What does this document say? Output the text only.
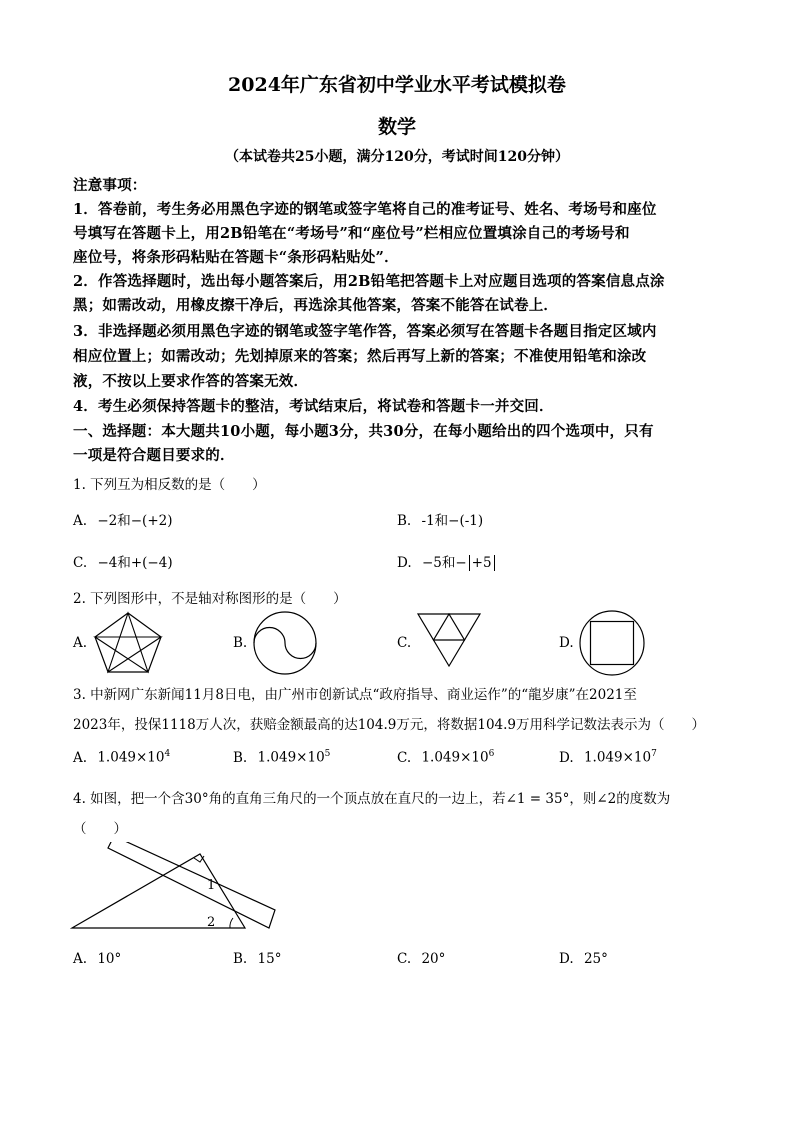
2024年广东省初中学业水平考试模拟卷
数学
（本试卷共25小题，满分120分，考试时间120分钟）
注意事项：
1．答卷前，考生务必用黑色字迹的钢笔或签字笔将自己的准考证号、姓名、考场号和座位
号填写在答题卡上，用2B铅笔在“考场号”和“座位号”栏相应位置填涂自己的考场号和
座位号，将条形码粘贴在答题卡“条形码粘贴处”．
2．作答选择题时，选出每小题答案后，用2B铅笔把答题卡上对应题目选项的答案信息点涂
黑；如需改动，用橡皮擦干净后，再选涂其他答案，答案不能答在试卷上．
3．非选择题必须用黑色字迹的钢笔或签字笔作答，答案必须写在答题卡各题目指定区域内
相应位置上；如需改动；先划掉原来的答案；然后再写上新的答案；不准使用铅笔和涂改
液，不按以上要求作答的答案无效．
4．考生必须保持答题卡的整洁，考试结束后，将试卷和答题卡一并交回．
一、选择题：本大题共10小题，每小题3分，共30分，在每小题给出的四个选项中，只有
一项是符合题目要求的．
1. 下列互为相反数的是（　　）
A. −2和−(+2)	B. -1和−(-1)
C. −4和+(−4)	D. −5和− +5
2. 下列图形中，不是轴对称图形的是（　　）
A.	B.	C.	D.
3. 中新网广东新闻11月8日电，由广州市创新试点“政府指导、商业运作”的“龍岁康”在2021至
2023年，投保1118万人次，获赔金额最高的达104.9万元，将数据104.9万用科学记数法表示为（　　）
A. $1.049\times 10^4$	B. $1.049\times 10^5$	C. $1.049\times 10^6$	D. $1.049\times 10^7$
4. 如图，把一个含30°角的直角三角尺的一个顶点放在直尺的一边上，若∠1 = 35°，则∠2的度数为
（　　）
1
2
A. 10°	B. 15°	C. 20°	D. 25°
